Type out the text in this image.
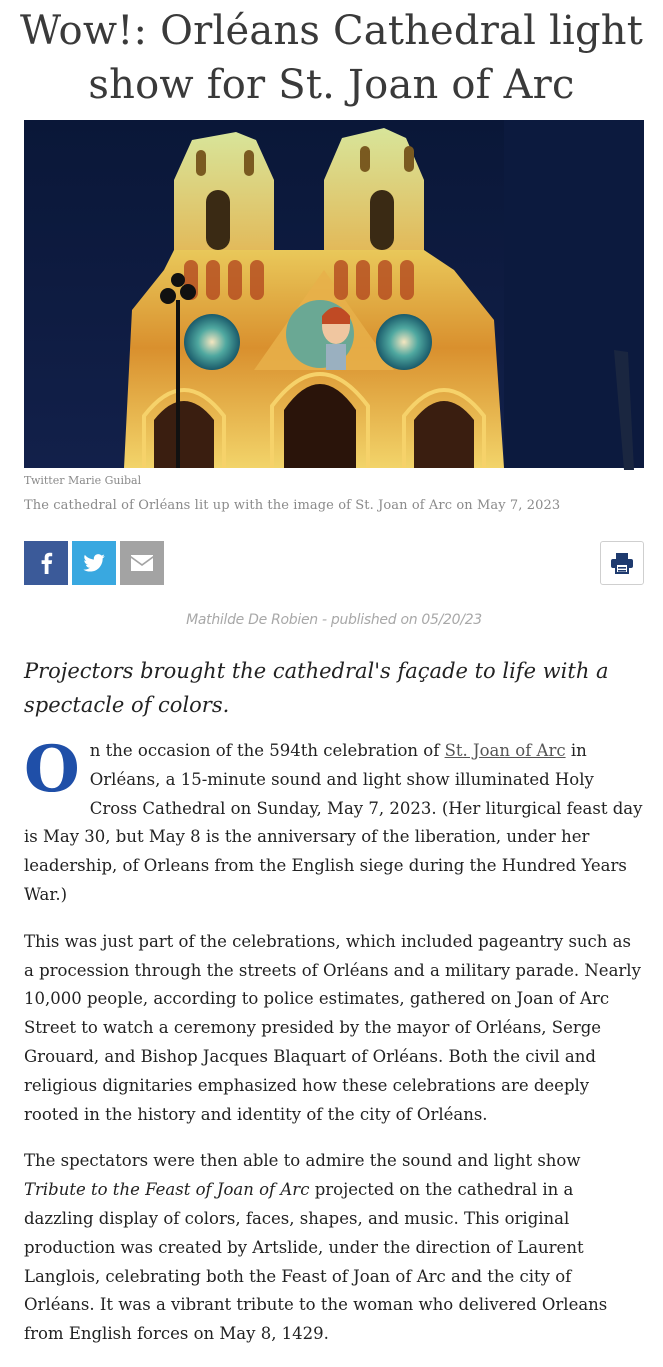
Wow!: Orléans Cathedral light show for St. Joan of Arc
Twitter Marie Guibal
The cathedral of Orléans lit up with the image of St. Joan of Arc on May 7, 2023
Mathilde De Robien - published on 05/20/23

Projectors brought the cathedral's façade to life with a spectacle of colors.

On the occasion of the 594th celebration of St. Joan of Arc in Orléans, a 15-minute sound and light show illuminated Holy Cross Cathedral on Sunday, May 7, 2023. (Her liturgical feast day is May 30, but May 8 is the anniversary of the liberation, under her leadership, of Orleans from the English siege during the Hundred Years War.)

This was just part of the celebrations, which included pageantry such as a procession through the streets of Orléans and a military parade. Nearly 10,000 people, according to police estimates, gathered on Joan of Arc Street to watch a ceremony presided by the mayor of Orléans, Serge Grouard, and Bishop Jacques Blaquart of Orléans. Both the civil and religious dignitaries emphasized how these celebrations are deeply rooted in the history and identity of the city of Orléans.

The spectators were then able to admire the sound and light show Tribute to the Feast of Joan of Arc projected on the cathedral in a dazzling display of colors, faces, shapes, and music. This original production was created by Artslide, under the direction of Laurent Langlois, celebrating both the Feast of Joan of Arc and the city of Orléans. It was a vibrant tribute to the woman who delivered Orleans from English forces on May 8, 1429.
